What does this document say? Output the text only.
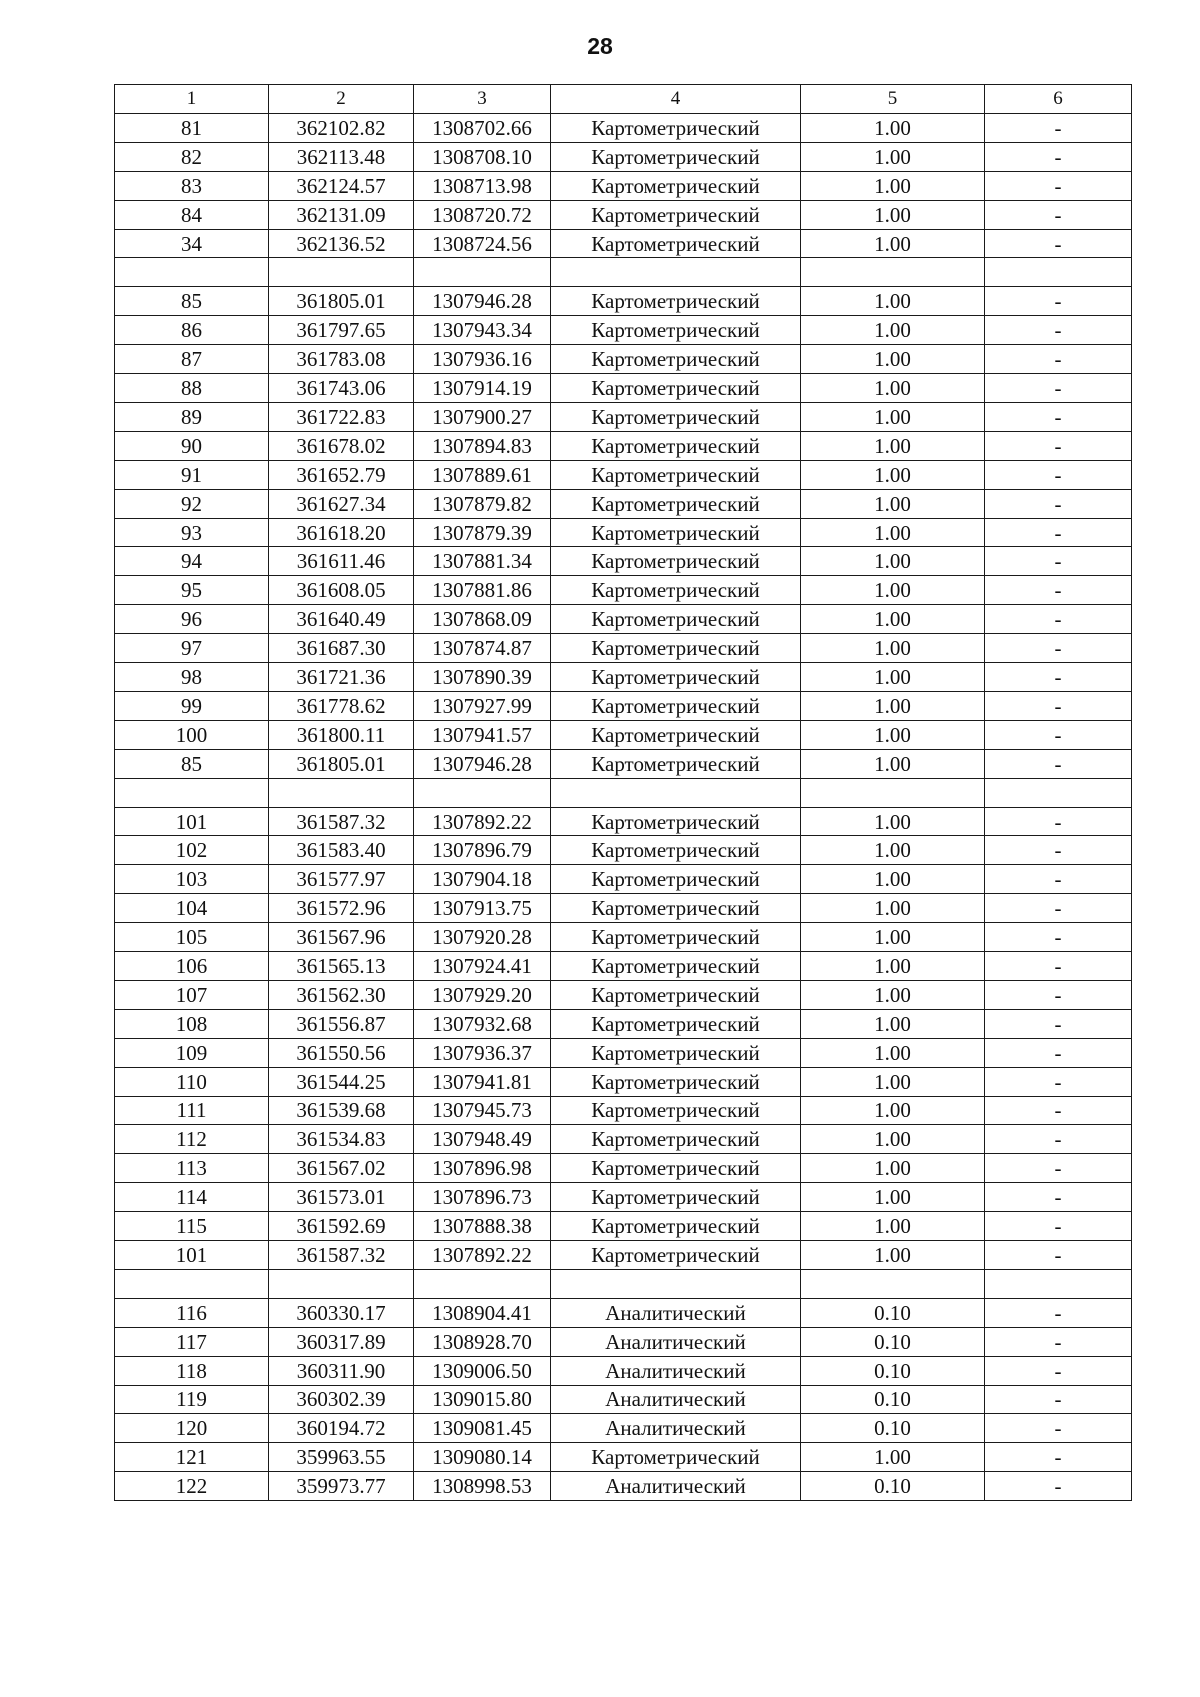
28
1	2	3	4	5	6
81	362102.82	1308702.66	Картометрический	1.00	-
82	362113.48	1308708.10	Картометрический	1.00	-
83	362124.57	1308713.98	Картометрический	1.00	-
84	362131.09	1308720.72	Картометрический	1.00	-
34	362136.52	1308724.56	Картометрический	1.00	-

85	361805.01	1307946.28	Картометрический	1.00	-
86	361797.65	1307943.34	Картометрический	1.00	-
87	361783.08	1307936.16	Картометрический	1.00	-
88	361743.06	1307914.19	Картометрический	1.00	-
89	361722.83	1307900.27	Картометрический	1.00	-
90	361678.02	1307894.83	Картометрический	1.00	-
91	361652.79	1307889.61	Картометрический	1.00	-
92	361627.34	1307879.82	Картометрический	1.00	-
93	361618.20	1307879.39	Картометрический	1.00	-
94	361611.46	1307881.34	Картометрический	1.00	-
95	361608.05	1307881.86	Картометрический	1.00	-
96	361640.49	1307868.09	Картометрический	1.00	-
97	361687.30	1307874.87	Картометрический	1.00	-
98	361721.36	1307890.39	Картометрический	1.00	-
99	361778.62	1307927.99	Картометрический	1.00	-
100	361800.11	1307941.57	Картометрический	1.00	-
85	361805.01	1307946.28	Картометрический	1.00	-

101	361587.32	1307892.22	Картометрический	1.00	-
102	361583.40	1307896.79	Картометрический	1.00	-
103	361577.97	1307904.18	Картометрический	1.00	-
104	361572.96	1307913.75	Картометрический	1.00	-
105	361567.96	1307920.28	Картометрический	1.00	-
106	361565.13	1307924.41	Картометрический	1.00	-
107	361562.30	1307929.20	Картометрический	1.00	-
108	361556.87	1307932.68	Картометрический	1.00	-
109	361550.56	1307936.37	Картометрический	1.00	-
110	361544.25	1307941.81	Картометрический	1.00	-
111	361539.68	1307945.73	Картометрический	1.00	-
112	361534.83	1307948.49	Картометрический	1.00	-
113	361567.02	1307896.98	Картометрический	1.00	-
114	361573.01	1307896.73	Картометрический	1.00	-
115	361592.69	1307888.38	Картометрический	1.00	-
101	361587.32	1307892.22	Картометрический	1.00	-

116	360330.17	1308904.41	Аналитический	0.10	-
117	360317.89	1308928.70	Аналитический	0.10	-
118	360311.90	1309006.50	Аналитический	0.10	-
119	360302.39	1309015.80	Аналитический	0.10	-
120	360194.72	1309081.45	Аналитический	0.10	-
121	359963.55	1309080.14	Картометрический	1.00	-
122	359973.77	1308998.53	Аналитический	0.10	-
